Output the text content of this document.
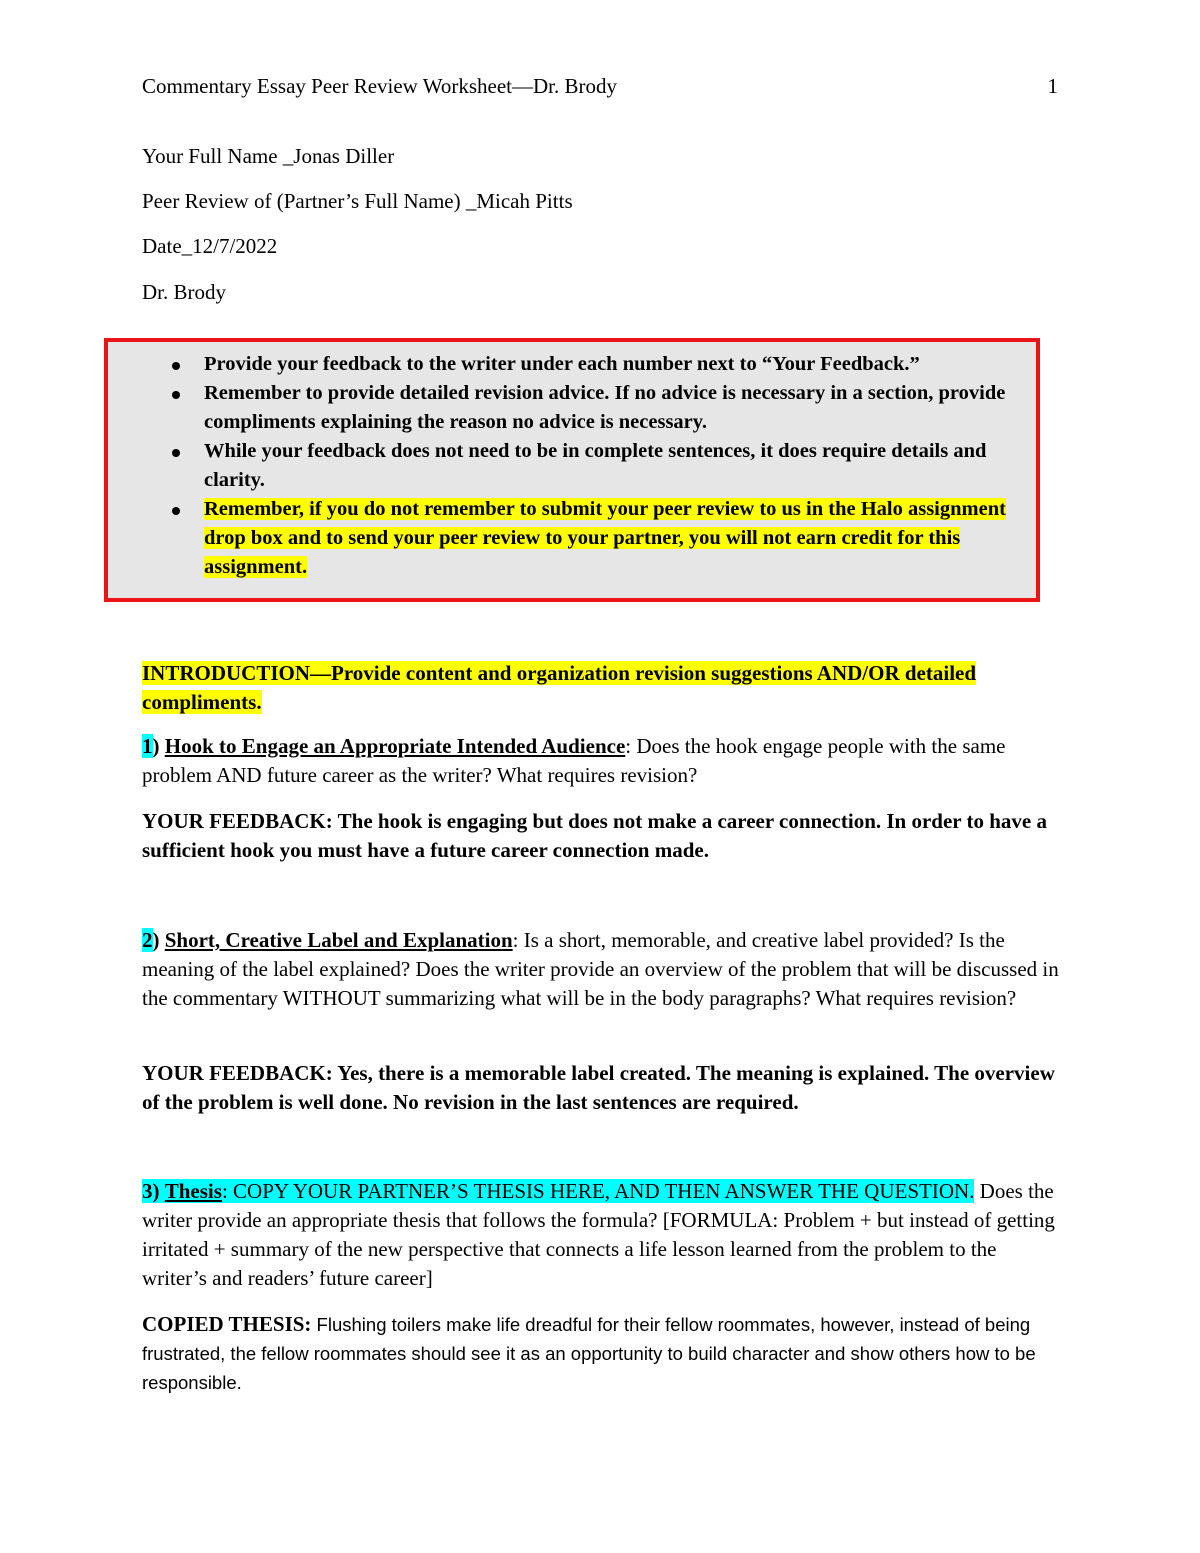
Commentary Essay Peer Review Worksheet—Dr. Brody	1
Your Full Name _Jonas Diller
Peer Review of (Partner’s Full Name) _Micah Pitts
Date_12/7/2022
Dr. Brody
Provide your feedback to the writer under each number next to “Your Feedback.”
Remember to provide detailed revision advice. If no advice is necessary in a section, provide compliments explaining the reason no advice is necessary.
While your feedback does not need to be in complete sentences, it does require details and clarity.
Remember, if you do not remember to submit your peer review to us in the Halo assignment drop box and to send your peer review to your partner, you will not earn credit for this assignment.
INTRODUCTION—Provide content and organization revision suggestions AND/OR detailed compliments.
1) Hook to Engage an Appropriate Intended Audience: Does the hook engage people with the same problem AND future career as the writer? What requires revision?
YOUR FEEDBACK: The hook is engaging but does not make a career connection. In order to have a sufficient hook you must have a future career connection made.
2) Short, Creative Label and Explanation: Is a short, memorable, and creative label provided? Is the meaning of the label explained? Does the writer provide an overview of the problem that will be discussed in the commentary WITHOUT summarizing what will be in the body paragraphs? What requires revision?
YOUR FEEDBACK: Yes, there is a memorable label created. The meaning is explained. The overview of the problem is well done. No revision in the last sentences are required.
3) Thesis: COPY YOUR PARTNER’S THESIS HERE, AND THEN ANSWER THE QUESTION. Does the writer provide an appropriate thesis that follows the formula? [FORMULA: Problem + but instead of getting irritated + summary of the new perspective that connects a life lesson learned from the problem to the writer’s and readers’ future career]
COPIED THESIS: Flushing toilers make life dreadful for their fellow roommates, however, instead of being frustrated, the fellow roommates should see it as an opportunity to build character and show others how to be responsible.
